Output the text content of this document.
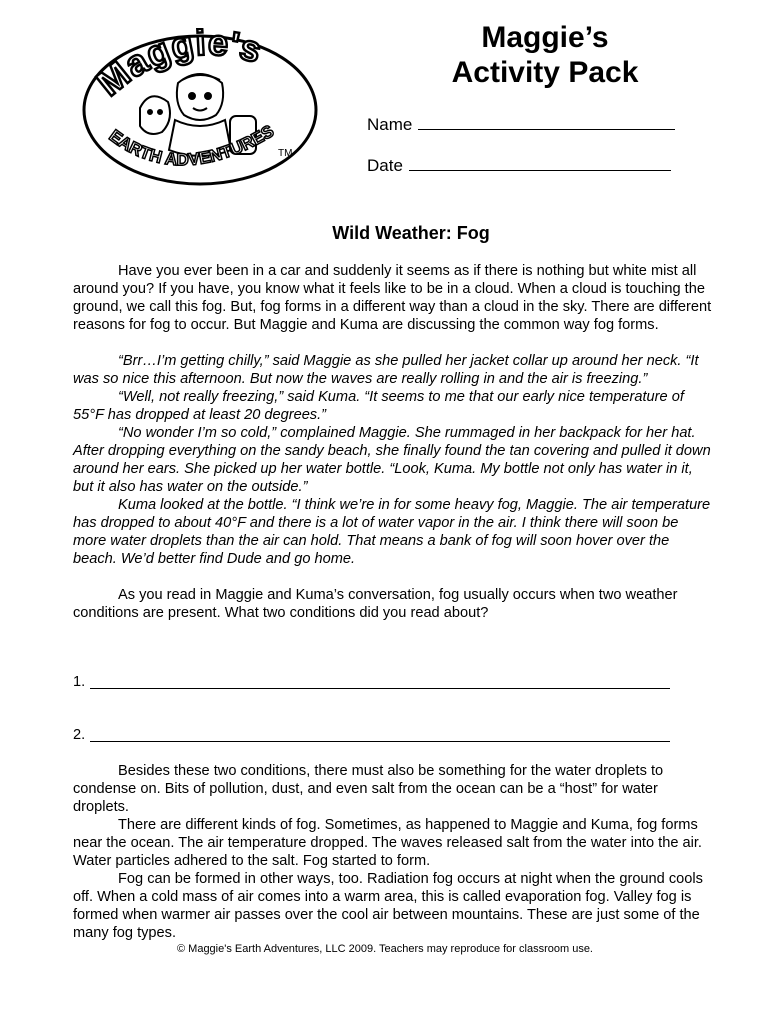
Maggie's
EARTH ADVENTURES
TM
Maggie’s
Activity Pack
Name
Date
Wild Weather: Fog

Have you ever been in a car and suddenly it seems as if there is nothing but white mist all around you? If you have, you know what it feels like to be in a cloud. When a cloud is touching the ground, we call this fog. But, fog forms in a different way than a cloud in the sky. There are different reasons for fog to occur. But Maggie and Kuma are discussing the common way fog forms.

“Brr…I’m getting chilly,” said Maggie as she pulled her jacket collar up around her neck. “It was so nice this afternoon. But now the waves are really rolling in and the air is freezing.”

“Well, not really freezing,” said Kuma. “It seems to me that our early nice temperature of 55°F has dropped at least 20 degrees.”

“No wonder I’m so cold,” complained Maggie. She rummaged in her backpack for her hat. After dropping everything on the sandy beach, she finally found the tan covering and pulled it down around her ears. She picked up her water bottle. “Look, Kuma. My bottle not only has water in it, but it also has water on the outside.”

Kuma looked at the bottle. “I think we’re in for some heavy fog, Maggie. The air temperature has dropped to about 40°F and there is a lot of water vapor in the air. I think there will soon be more water droplets than the air can hold. That means a bank of fog will soon hover over the beach. We’d better find Dude and go home.

As you read in Maggie and Kuma’s conversation, fog usually occurs when two weather conditions are present. What two conditions did you read about?

1.
2.

Besides these two conditions, there must also be something for the water droplets to condense on. Bits of pollution, dust, and even salt from the ocean can be a “host” for water droplets.

There are different kinds of fog. Sometimes, as happened to Maggie and Kuma, fog forms near the ocean. The air temperature dropped. The waves released salt from the water into the air. Water particles adhered to the salt. Fog started to form.

Fog can be formed in other ways, too. Radiation fog occurs at night when the ground cools off. When a cold mass of air comes into a warm area, this is called evaporation fog. Valley fog is formed when warmer air passes over the cool air between mountains. These are just some of the many fog types.

© Maggie's Earth Adventures, LLC 2009. Teachers may reproduce for classroom use.
